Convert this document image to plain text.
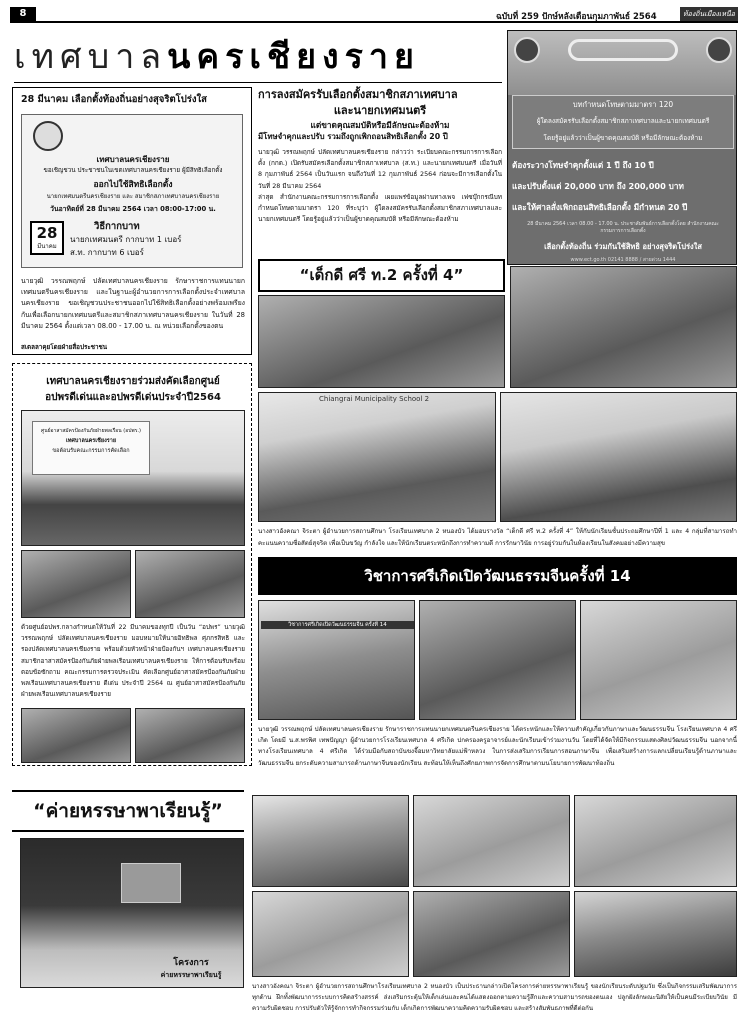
8	ฉบับที่ 259 ปักษ์หลังเดือนกุมภาพันธ์ 2564	ท้องถิ่นเมืองเหนือ
เทศบาลนครเชียงราย
บทกำหนดโทษตามมาตรา 120
ผู้ใดลงสมัครรับเลือกตั้งสมาชิกสภาเทศบาลและนายกเทศมนตรี
โดยรู้อยู่แล้วว่าเป็นผู้ขาดคุณสมบัติ หรือมีลักษณะต้องห้าม
ต้องระวางโทษจำคุกตั้งแต่ 1 ปี ถึง 10 ปี
และปรับตั้งแต่ 20,000 บาท ถึง 200,000 บาท
และให้ศาลสั่งเพิกถอนสิทธิเลือกตั้ง มีกำหนด 20 ปี
28 มีนาคม 2564 เวลา 08.00 - 17.00 น. ประชาสัมพันธ์การเลือกตั้งโดย สำนักงานคณะกรรมการการเลือกตั้ง
เลือกตั้งท้องถิ่น ร่วมกันใช้สิทธิ อย่างสุจริตโปร่งใส
www.ect.go.th 02141 8888 / สายด่วน 1444
28 มีนาคม เลือกตั้งท้องถิ่นอย่างสุจริตโปร่งใส
เทศบาลนครเชียงราย
ขอเชิญชวน ประชาชนในเขตเทศบาลนครเชียงราย ผู้มีสิทธิเลือกตั้ง
ออกไปใช้สิทธิเลือกตั้ง
นายกเทศมนตรีนครเชียงราย และ สมาชิกสภาเทศบาลนครเชียงราย
วันอาทิตย์ที่ 28 มีนาคม 2564 เวลา 08:00-17:00 น.
28
มีนาคม
วิธีกากบาท
นายกเทศมนตรี กากบาท 1 เบอร์
ส.ท. กากบาท 6 เบอร์
นายวุฒิ วรรณพฤกษ์ ปลัดเทศบาลนครเชียงราย รักษาราชการแทนนายกเทศมนตรีนครเชียงราย และในฐานะผู้อำนวยการการเลือกตั้งประจำเทศบาลนครเชียงราย ขอเชิญชวนประชาชนออกไปใช้สิทธิเลือกตั้งอย่างพร้อมเพรียงกันเพื่อเลือกนายกเทศมนตรีและสมาชิกสภาเทศบาลนครเชียงราย ในวันที่ 28 มีนาคม 2564 ตั้งแต่เวลา 08.00 - 17.00 น. ณ หน่วยเลือกตั้งของตน
สเตลลาคุยโดยฝ่ายสื่อประชาชน
การลงสมัครรับเลือกตั้งสมาชิกสภาเทศบาล
และนายกเทศมนตรี
แต่ขาดคุณสมบัติหรือมีลักษณะต้องห้าม
มีโทษจำคุกและปรับ รวมถึงถูกเพิกถอนสิทธิเลือกตั้ง 20 ปี
นายวุฒิ วรรณพฤกษ์ ปลัดเทศบาลนครเชียงราย กล่าวว่า ระเบียบคณะกรรมการการเลือกตั้ง (กกต.) เปิดรับสมัครเลือกตั้งสมาชิกสภาเทศบาล (ส.ท.) และนายกเทศมนตรี เมื่อวันที่ 8 กุมภาพันธ์ 2564 เป็นวันแรก จนถึงวันที่ 12 กุมภาพันธ์ 2564 ก่อนจะมีการเลือกตั้งในวันที่ 28 มีนาคม 2564
ล่าสุด สำนักงานคณะกรรมการการเลือกตั้ง เผยแพร่ข้อมูลผ่านทางเพจ เฟซบุ๊กกรณีบทกำหนดโทษตามมาตรา 120 ที่ระบุว่า ผู้ใดลงสมัครรับเลือกตั้งสมาชิกสภาเทศบาลและนายกเทศมนตรี โดยรู้อยู่แล้วว่าเป็นผู้ขาดคุณสมบัติ หรือมีลักษณะต้องห้าม
“เด็กดี ศรี ท.2 ครั้งที่ 4”
Chiangrai Municipality School 2
นางสาวอังคณา จิระตา ผู้อำนวยการสถานศึกษา โรงเรียนเทศบาล 2 หนองบัว ได้มอบรางวัล “เด็กดี ศรี ท.2 ครั้งที่ 4” ให้กับนักเรียนชั้นประถมศึกษาปีที่ 1 และ 4 กลุ่มที่สามารถทำคะแนนความซื่อสัตย์สุจริต เพื่อเป็นขวัญ กำลังใจ และให้นักเรียนตระหนักถึงการทำความดี การรักษาวินัย การอยู่ร่วมกันในห้องเรียนในสังคมอย่างมีความสุข
เทศบาลนครเชียงรายร่วมส่งคัดเลือกศูนย์
อปพรดีเด่นและอปพรดีเด่นประจำปี2564
ศูนย์อาสาสมัครป้องกันภัยฝ่ายพลเรือน (อปพร.)
เทศบาลนครเชียงราย
ขอต้อนรับคณะกรรมการคัดเลือก
ด้วยศูนย์อปพร.กลางกำหนดให้วันที่ 22 มีนาคมของทุกปี เป็นวัน “อปพร” นายวุฒิ วรรณพฤกษ์ ปลัดเทศบาลนครเชียงราย มอบหมายให้นายอิทธิพล ศุภกรสิทธิ และรองปลัดเทศบาลนครเชียงราย พร้อมด้วยหัวหน้าฝ่ายป้องกันฯ เทศบาลนครเชียงราย สมาชิกอาสาสมัครป้องกันภัยฝ่ายพลเรือนเทศบาลนครเชียงราย ให้การต้อนรับพร้อมตอบข้อซักถาม คณะกรรมการตรวจประเมิน คัดเลือกศูนย์อาสาสมัครป้องกันภัยฝ่ายพลเรือนเทศบาลนครเชียงราย ดีเด่น ประจำปี 2564 ณ ศูนย์อาสาสมัครป้องกันภัยฝ่ายพลเรือนเทศบาลนครเชียงราย
วิชาการศรีเกิดเปิดวัฒนธรรมจีนครั้งที่ 14
วิชาการศรีเกิดเปิดวัฒนธรรมจีน ครั้งที่ 14
นายวุฒิ วรรณพฤกษ์ ปลัดเทศบาลนครเชียงราย รักษาราชการแทนนายกเทศมนตรีนครเชียงราย ได้ตระหนักและให้ความสำคัญเกี่ยวกับภาษาและวัฒนธรรมจีน โรงเรียนเทศบาล 4 ศรีเกิด โดยมี น.ส.พรพิศ เทพปัญญา ผู้อำนวยการโรงเรียนเทศบาล 4 ศรีเกิด ปกครองครูอาจารย์และนักเรียนเข้าร่วมงานวัน โดยที่ได้จัดให้มีกิจกรรมแสดงศิลปวัฒนธรรมจีน นอกจากนี้ทางโรงเรียนเทศบาล 4 ศรีเกิด ได้ร่วมมือกับสถาบันขงจื๊อมหาวิทยาลัยแม่ฟ้าหลวง ในการส่งเสริมการเรียนการสอนภาษาจีน เพื่อเสริมสร้างการแลกเปลี่ยนเรียนรู้ด้านภาษาและวัฒนธรรมจีน ยกระดับความสามารถด้านภาษาจีนของนักเรียน สะท้อนให้เห็นถึงศักยภาพการจัดการศึกษาตามนโยบายการพัฒนาท้องถิ่น
“ค่ายหรรษาพาเรียนรู้”
โครงการ
ค่ายหรรษาพาเรียนรู้
นางสาวอังคณา จิระตา ผู้อำนวยการสถานศึกษาโรงเรียนเทศบาล 2 หนองบัว เป็นประธานกล่าวเปิดโครงการค่ายหรรษาพาเรียนรู้ ของนักเรียนระดับปฐมวัย ซึ่งเป็นกิจกรรมเสริมพัฒนาการทุกด้าน ฝึกทั้งพัฒนาการระบบการคิดสร้างสรรค์ ส่งเสริมกระตุ้นให้เด็กเล่นและคนได้แสดงออกตามความรู้สึกและความสามารถของตนเอง ปลูกฝังลักษณะนิสัยให้เป็นคนมีระเบียบวินัย มีความรับผิดชอบ การปรับตัวให้รู้จักการทำกิจกรรมร่วมกับ เด็กเกิดการพัฒนาความคิดความรับผิดชอบ และสร้างสัมพันธภาพที่ดีต่อกัน
